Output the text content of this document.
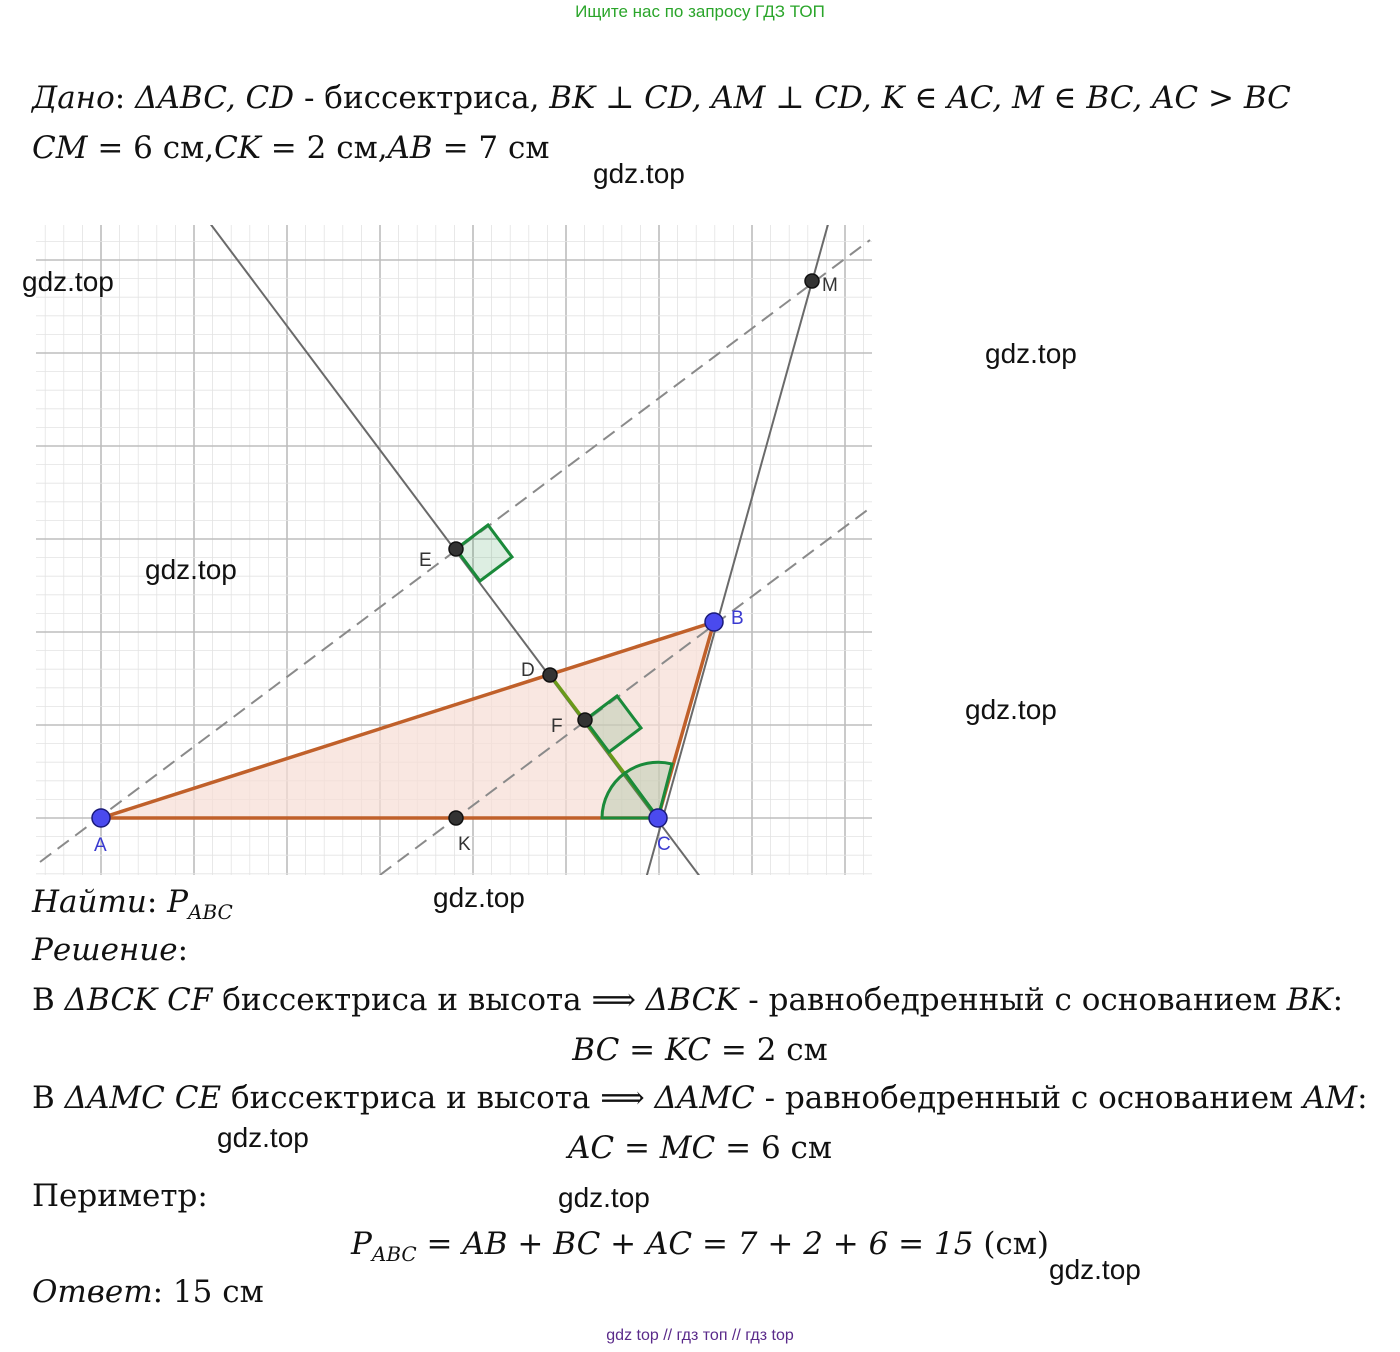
Ищите нас по запросу ГДЗ ТОП
Дано: ΔABC, CD - биссектриса, BK ⊥ CD, AM ⊥ CD, K ∈ AC, M ∈ BC, AC > BC
CM = 6 см,CK = 2 см,AB = 7 см
M
E
D
F
K
A
B
C
Найти: $P_{ABC}$
Решение:
В ΔBCK CF биссектриса и высота ⟹ ΔBCK - равнобедренный с основанием BK:
BC = KC = 2 см
В ΔAMC CE биссектриса и высота ⟹ ΔAMC - равнобедренный с основанием AM:
AC = MC = 6 см
Периметр:
$P_{ABC}$ = AB + BC + AC = 7 + 2 + 6 = 15 (см)
Ответ: 15 см
gdz.top
gdz.top
gdz.top
gdz.top
gdz.top
gdz.top
gdz.top
gdz.top
gdz.top
gdz top // гдз топ // гдз top
